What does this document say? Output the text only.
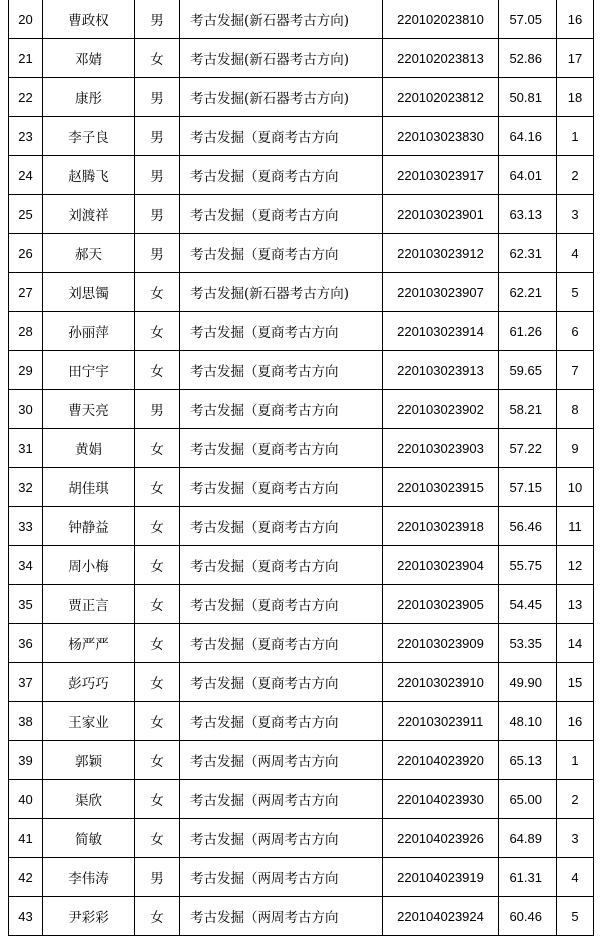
20	曹政权	男	考古发掘(新石器考古方向)	220102023810	57.05	16
21	邓婧	女	考古发掘(新石器考古方向)	220102023813	52.86	17
22	康彤	男	考古发掘(新石器考古方向)	220102023812	50.81	18
23	李子良	男	考古发掘（夏商考古方向	220103023830	64.16	1
24	赵腾飞	男	考古发掘（夏商考古方向	220103023917	64.01	2
25	刘渡祥	男	考古发掘（夏商考古方向	220103023901	63.13	3
26	郝天	男	考古发掘（夏商考古方向	220103023912	62.31	4
27	刘思镯	女	考古发掘(新石器考古方向)	220103023907	62.21	5
28	孙丽萍	女	考古发掘（夏商考古方向	220103023914	61.26	6
29	田宁宇	女	考古发掘（夏商考古方向	220103023913	59.65	7
30	曹天亮	男	考古发掘（夏商考古方向	220103023902	58.21	8
31	黄娟	女	考古发掘（夏商考古方向	220103023903	57.22	9
32	胡佳琪	女	考古发掘（夏商考古方向	220103023915	57.15	10
33	钟静益	女	考古发掘（夏商考古方向	220103023918	56.46	11
34	周小梅	女	考古发掘（夏商考古方向	220103023904	55.75	12
35	贾正言	女	考古发掘（夏商考古方向	220103023905	54.45	13
36	杨严严	女	考古发掘（夏商考古方向	220103023909	53.35	14
37	彭巧巧	女	考古发掘（夏商考古方向	220103023910	49.90	15
38	王家业	女	考古发掘（夏商考古方向	220103023911	48.10	16
39	郭颖	女	考古发掘（两周考古方向	220104023920	65.13	1
40	渠欣	女	考古发掘（两周考古方向	220104023930	65.00	2
41	简敏	女	考古发掘（两周考古方向	220104023926	64.89	3
42	李伟涛	男	考古发掘（两周考古方向	220104023919	61.31	4
43	尹彩彩	女	考古发掘（两周考古方向	220104023924	60.46	5
